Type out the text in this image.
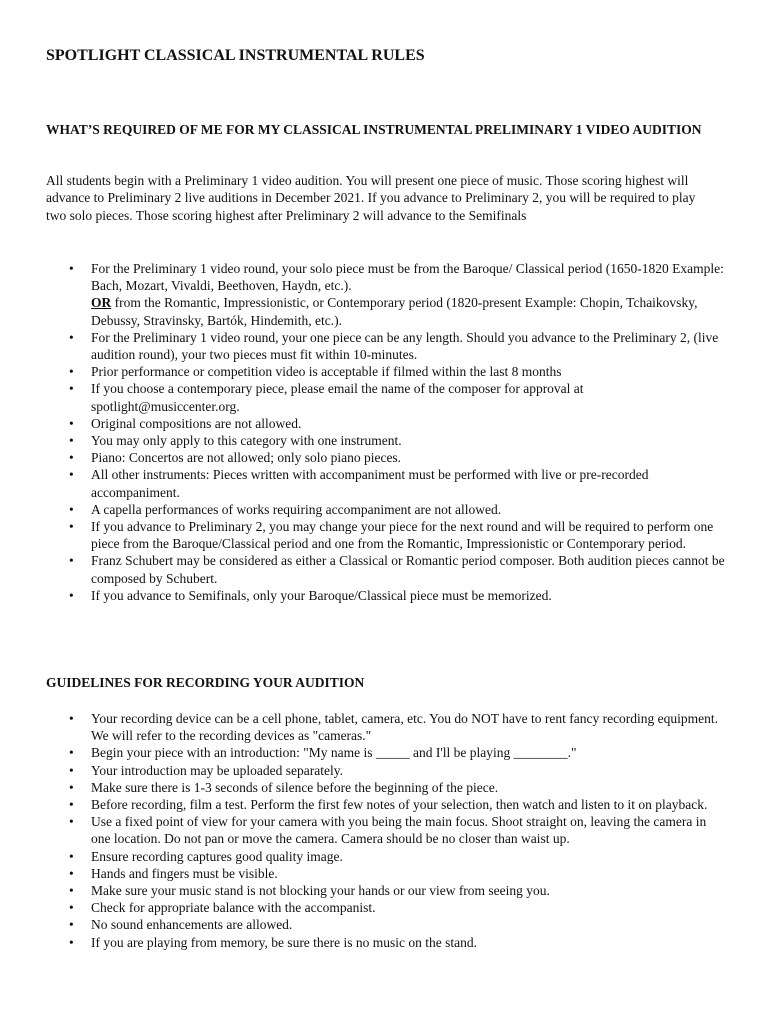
SPOTLIGHT CLASSICAL INSTRUMENTAL RULES
WHAT’S REQUIRED OF ME FOR MY CLASSICAL INSTRUMENTAL PRELIMINARY 1 VIDEO AUDITION

All students begin with a Preliminary 1 video audition. You will present one piece of music. Those scoring highest will advance to Preliminary 2 live auditions in December 2021. If you advance to Preliminary 2, you will be required to play two solo pieces. Those scoring highest after Preliminary 2 will advance to the Semifinals

• For the Preliminary 1 video round, your solo piece must be from the Baroque/ Classical period (1650-1820 Example: Bach, Mozart, Vivaldi, Beethoven, Haydn, etc.).
OR from the Romantic, Impressionistic, or Contemporary period (1820-present Example: Chopin, Tchaikovsky, Debussy, Stravinsky, Bartók, Hindemith, etc.).
• For the Preliminary 1 video round, your one piece can be any length. Should you advance to the Preliminary 2, (live audition round), your two pieces must fit within 10-minutes.
• Prior performance or competition video is acceptable if filmed within the last 8 months
• If you choose a contemporary piece, please email the name of the composer for approval at spotlight@musiccenter.org.
• Original compositions are not allowed.
• You may only apply to this category with one instrument.
• Piano: Concertos are not allowed; only solo piano pieces.
• All other instruments: Pieces written with accompaniment must be performed with live or pre-recorded accompaniment.
• A capella performances of works requiring accompaniment are not allowed.
• If you advance to Preliminary 2, you may change your piece for the next round and will be required to perform one piece from the Baroque/Classical period and one from the Romantic, Impressionistic or Contemporary period.
• Franz Schubert may be considered as either a Classical or Romantic period composer. Both audition pieces cannot be composed by Schubert.
• If you advance to Semifinals, only your Baroque/Classical piece must be memorized.
GUIDELINES FOR RECORDING YOUR AUDITION
• Your recording device can be a cell phone, tablet, camera, etc. You do NOT have to rent fancy recording equipment. We will refer to the recording devices as "cameras."
• Begin your piece with an introduction: "My name is _____ and I'll be playing ________."
• Your introduction may be uploaded separately.
• Make sure there is 1-3 seconds of silence before the beginning of the piece.
• Before recording, film a test. Perform the first few notes of your selection, then watch and listen to it on playback.
• Use a fixed point of view for your camera with you being the main focus. Shoot straight on, leaving the camera in one location. Do not pan or move the camera. Camera should be no closer than waist up.
• Ensure recording captures good quality image.
• Hands and fingers must be visible.
• Make sure your music stand is not blocking your hands or our view from seeing you.
• Check for appropriate balance with the accompanist.
• No sound enhancements are allowed.
• If you are playing from memory, be sure there is no music on the stand.
